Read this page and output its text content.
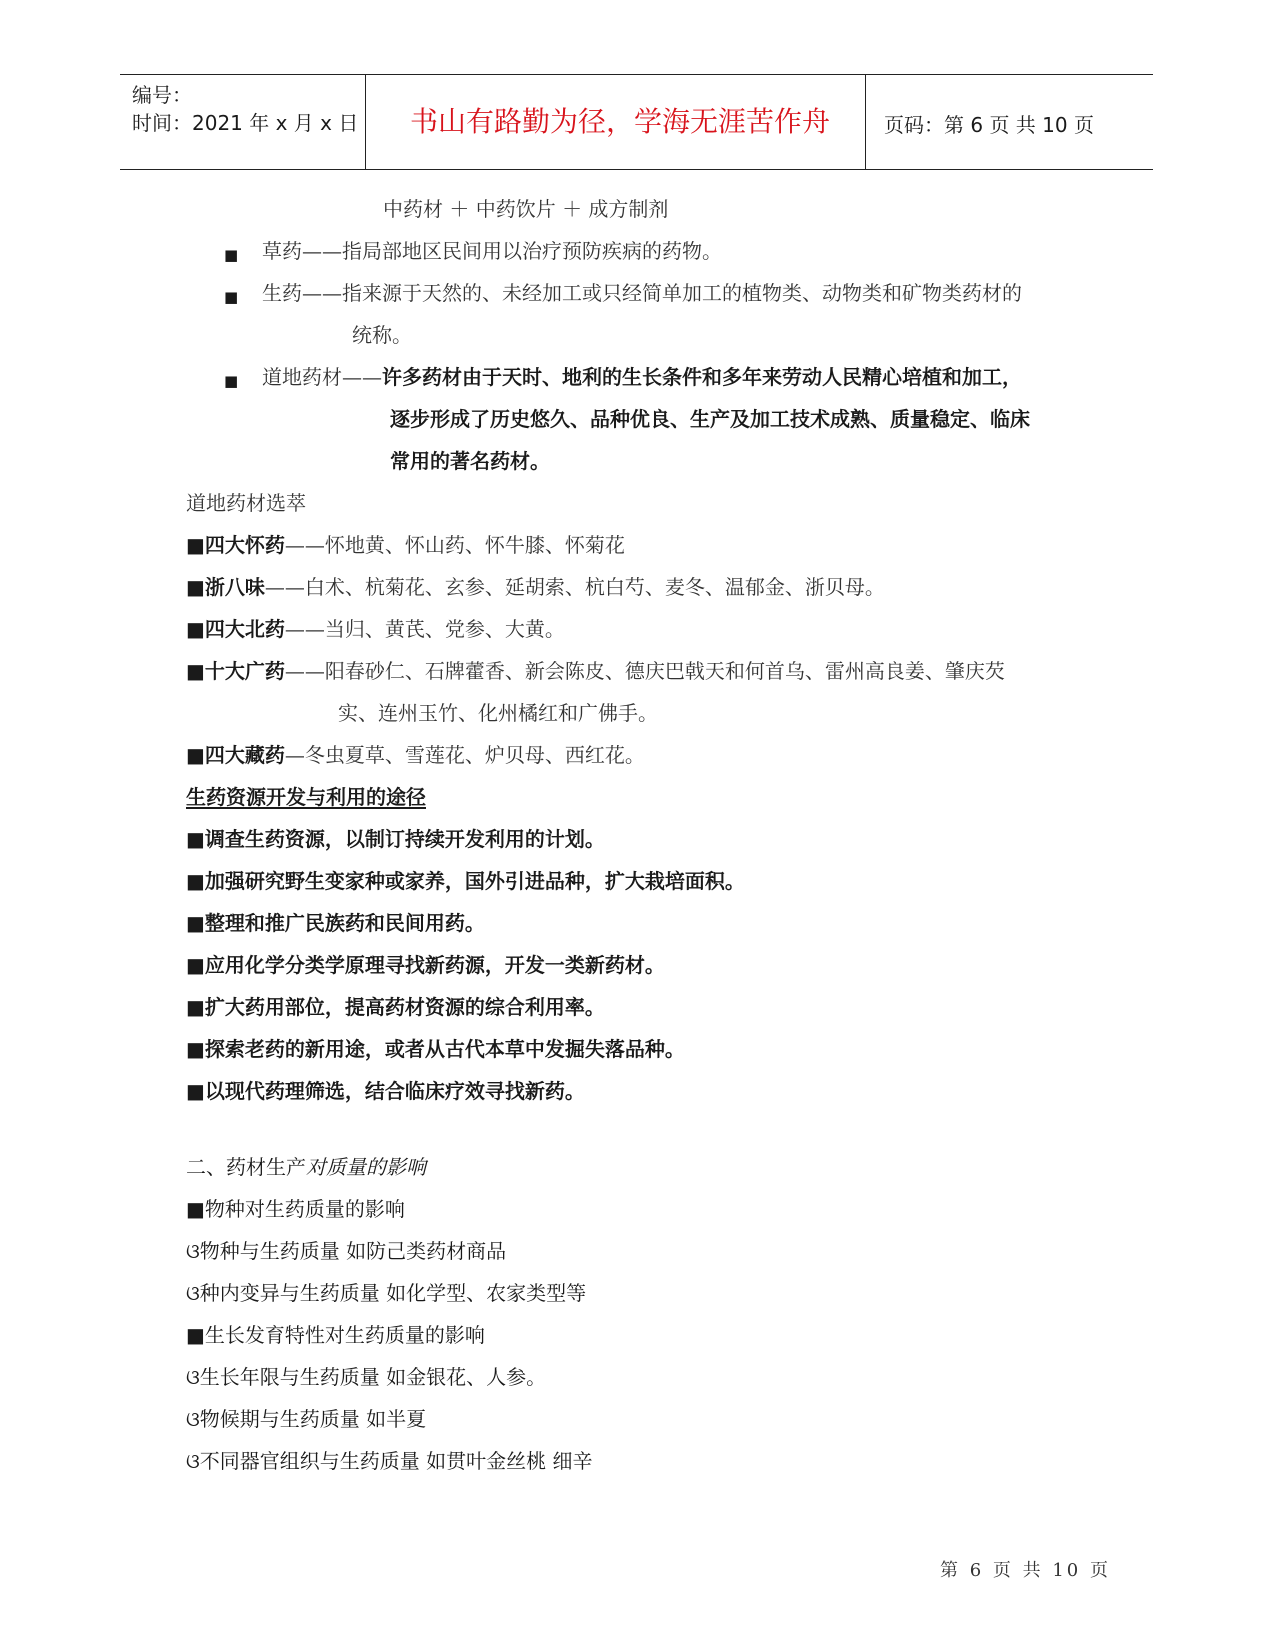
编号：
时间：2021 年 x 月 x 日	书山有路勤为径，学海无涯苦作舟	页码：第 6 页 共 10 页
中药材 ＋ 中药饮片 ＋ 成方制剂
■ 草药——指局部地区民间用以治疗预防疾病的药物。
■ 生药——指来源于天然的、未经加工或只经简单加工的植物类、动物类和矿物类药材的
统称。
■ 道地药材——许多药材由于天时、地利的生长条件和多年来劳动人民精心培植和加工，
逐步形成了历史悠久、品种优良、生产及加工技术成熟、质量稳定、临床
常用的著名药材。
道地药材选萃
■四大怀药——怀地黄、怀山药、怀牛膝、怀菊花
■浙八味——白术、杭菊花、玄参、延胡索、杭白芍、麦冬、温郁金、浙贝母。
■四大北药——当归、黄芪、党参、大黄。
■十大广药——阳春砂仁、石牌藿香、新会陈皮、德庆巴戟天和何首乌、雷州高良姜、肇庆芡
实、连州玉竹、化州橘红和广佛手。
■四大藏药—冬虫夏草、雪莲花、炉贝母、西红花。
生药资源开发与利用的途径
■调查生药资源，以制订持续开发利用的计划。
■加强研究野生变家种或家养，国外引进品种，扩大栽培面积。
■整理和推广民族药和民间用药。
■应用化学分类学原理寻找新药源，开发一类新药材。
■扩大药用部位，提高药材资源的综合利用率。
■探索老药的新用途，或者从古代本草中发掘失落品种。
■以现代药理筛选，结合临床疗效寻找新药。
二、药材生产对质量的影响
■物种对生药质量的影响
ଓ物种与生药质量 如防己类药材商品
ଓ种内变异与生药质量 如化学型、农家类型等
■生长发育特性对生药质量的影响
ଓ生长年限与生药质量 如金银花、人参。
ଓ物候期与生药质量 如半夏
ଓ不同器官组织与生药质量 如贯叶金丝桃 细辛
第 6 页 共 10 页
